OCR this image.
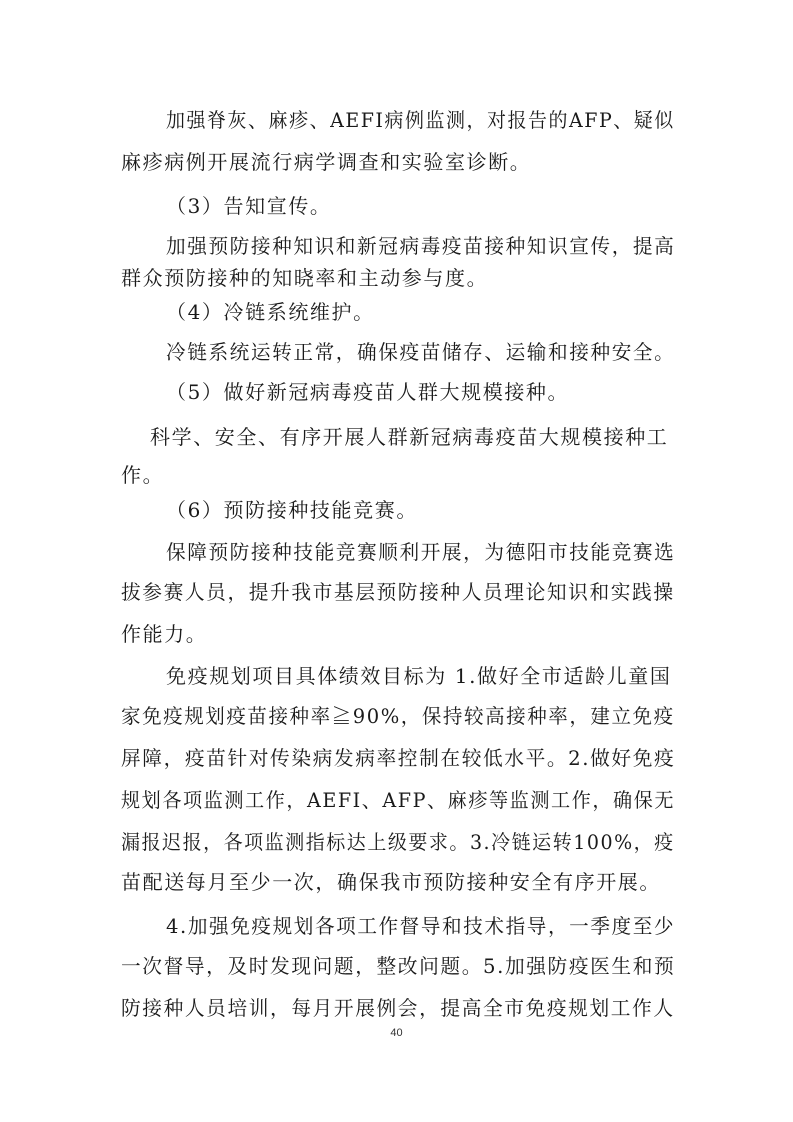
加强脊灰、麻疹、AEFI病例监测，对报告的AFP、疑似
麻疹病例开展流行病学调查和实验室诊断。
（3）告知宣传。
加强预防接种知识和新冠病毒疫苗接种知识宣传，提高
群众预防接种的知晓率和主动参与度。
（4）冷链系统维护。
冷链系统运转正常，确保疫苗储存、运输和接种安全。
（5）做好新冠病毒疫苗人群大规模接种。
科学、安全、有序开展人群新冠病毒疫苗大规模接种工
作。
（6）预防接种技能竞赛。
保障预防接种技能竞赛顺利开展，为德阳市技能竞赛选
拔参赛人员，提升我市基层预防接种人员理论知识和实践操
作能力。
免疫规划项目具体绩效目标为 1.做好全市适龄儿童国
家免疫规划疫苗接种率≧90%，保持较高接种率，建立免疫
屏障，疫苗针对传染病发病率控制在较低水平。2.做好免疫
规划各项监测工作，AEFI、AFP、麻疹等监测工作，确保无
漏报迟报，各项监测指标达上级要求。3.冷链运转100%，疫
苗配送每月至少一次，确保我市预防接种安全有序开展。
4.加强免疫规划各项工作督导和技术指导，一季度至少
一次督导，及时发现问题，整改问题。5.加强防疫医生和预
防接种人员培训，每月开展例会，提高全市免疫规划工作人
40
